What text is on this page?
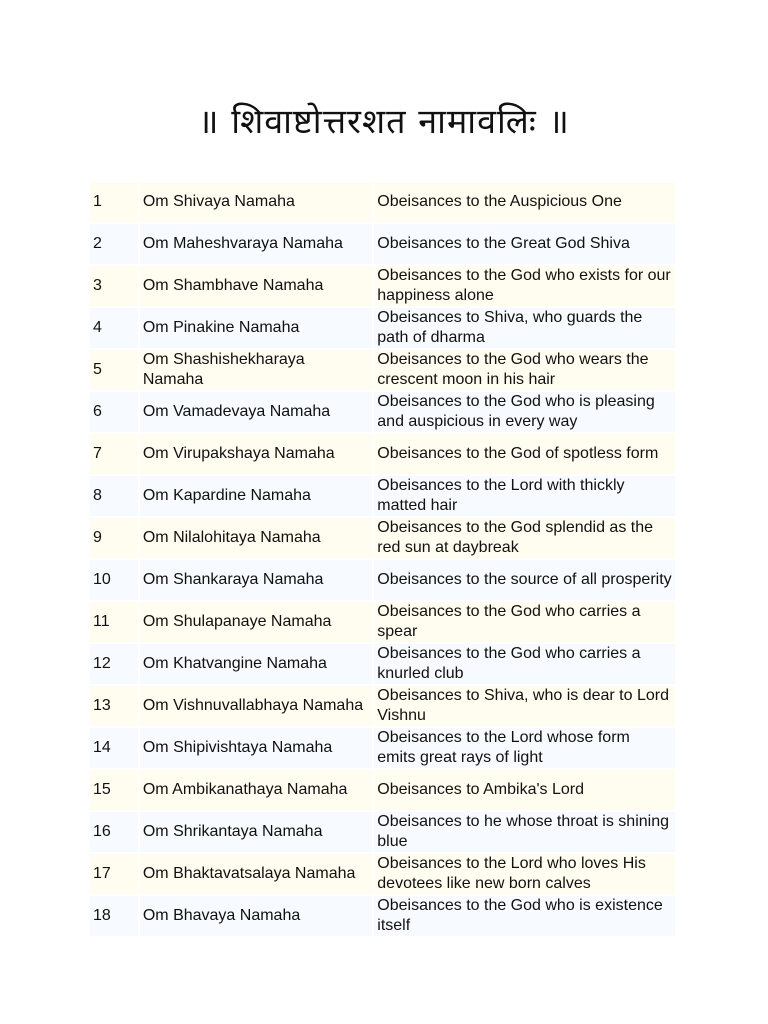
॥ शिवाष्टोत्तरशत नामावलिः ॥
1	Om Shivaya Namaha	Obeisances to the Auspicious One
2	Om Maheshvaraya Namaha	Obeisances to the Great God Shiva
3	Om Shambhave Namaha	Obeisances to the God who exists for our happiness alone
4	Om Pinakine Namaha	Obeisances to Shiva, who guards the path of dharma
5	Om Shashishekharaya Namaha	Obeisances to the God who wears the crescent moon in his hair
6	Om Vamadevaya Namaha	Obeisances to the God who is pleasing and auspicious in every way
7	Om Virupakshaya Namaha	Obeisances to the God of spotless form
8	Om Kapardine Namaha	Obeisances to the Lord with thickly matted hair
9	Om Nilalohitaya Namaha	Obeisances to the God splendid as the red sun at daybreak
10	Om Shankaraya Namaha	Obeisances to the source of all prosperity
11	Om Shulapanaye Namaha	Obeisances to the God who carries a spear
12	Om Khatvangine Namaha	Obeisances to the God who carries a knurled club
13	Om Vishnuvallabhaya Namaha	Obeisances to Shiva, who is dear to Lord Vishnu
14	Om Shipivishtaya Namaha	Obeisances to the Lord whose form emits great rays of light
15	Om Ambikanathaya Namaha	Obeisances to Ambika's Lord
16	Om Shrikantaya Namaha	Obeisances to he whose throat is shining blue
17	Om Bhaktavatsalaya Namaha	Obeisances to the Lord who loves His devotees like new born calves
18	Om Bhavaya Namaha	Obeisances to the God who is existence itself
